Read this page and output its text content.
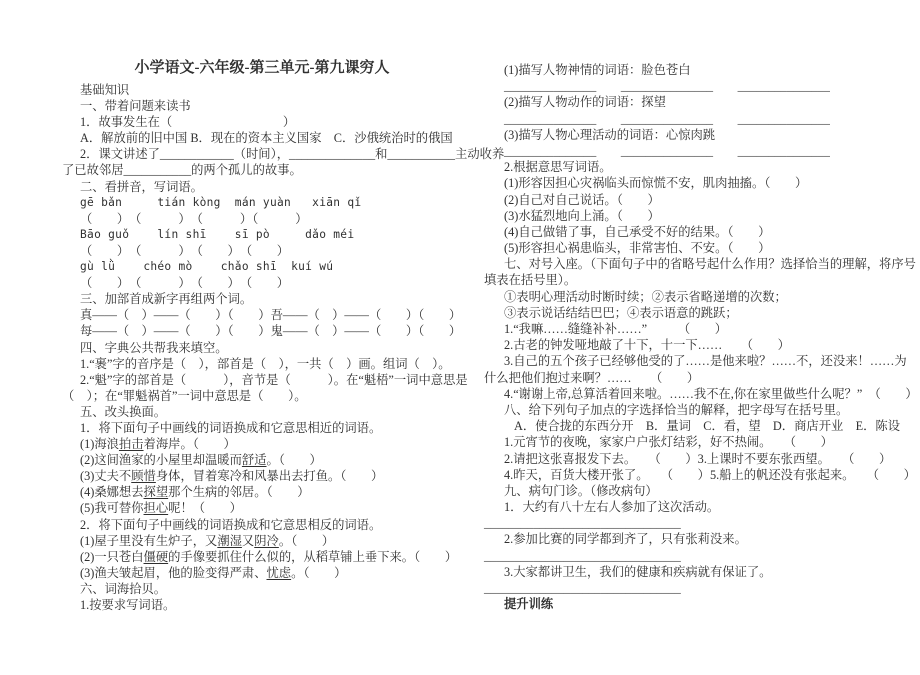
小学语文-六年级-第三单元-第九课穷人
基础知识
一、带着问题来读书
1．故事发生在（　　　　　　　　　）
A．解放前的旧中国 B．现在的资本主义国家　C．沙俄统治时的俄国
2．课文讲述了____________（时间），______________和___________主动收养
了已故邻居___________的两个孤儿的故事。
二、看拼音，写词语。
gē bǎn     tián kòng  mán yuàn   xiān qǐ
（　　）　（　　　）　（　　　）（　　　）
Bāo guǒ    lín shī    sī pò     dǎo méi
（　　）　（　　　）　（　　）　（　　）
gù lǜ    chéo mò    chǎo shī  kuí wú
（　　）　（　　　）　（　　）　（　　）
三、加部首成新字再组两个词。
真——（　）——（　　）（　　）吾——（　）——（　　）（　　）
每——（　）——（　　）（　　）鬼——（　）——（　　）（　　）
四、字典公共帮我来填空。
1.“裹”字的音序是（　），部首是（　），一共（　）画。组词（　）。
2.“魁”字的部首是（　　　），音节是（　　　）。在“魁梧”一词中意思是
（　）；在“罪魁祸首”一词中意思是（　　）。
五、改头换面。
1．将下面句子中画线的词语换成和它意思相近的词语。
(1)海浪拍击着海岸。（　　）
(2)这间渔家的小屋里却温暖而舒适。（　　）
(3)丈夫不顾惜身体，冒着寒冷和风暴出去打鱼。（　　）
(4)桑娜想去探望那个生病的邻居。（　　）
(5)我可替你担心呢！（　　）
2．将下面句子中画线的词语换成和它意思相反的词语。
(1)屋子里没有生炉子，又潮湿又阴冷。（　　）
(2)一只苍白僵硬的手像要抓住什么似的，从稻草铺上垂下来。（　　）
(3)渔夫皱起眉，他的脸变得严肃、忧虑。（　　）
六、词海拾贝。
1.按要求写词语。
(1)描写人物神情的词语：脸色苍白
_______________　　_______________　　_______________
(2)描写人物动作的词语：探望
_______________　　_______________　　_______________
(3)描写人物心理活动的词语：心惊肉跳
_______________　　_______________　　_______________
2.根据意思写词语。
(1)形容因担心灾祸临头而惊慌不安，肌肉抽搐。（　　）
(2)自己对自己说话。（　　）
(3)水猛烈地向上涌。（　　）
(4)自己做错了事，自己承受不好的结果。（　　）
(5)形容担心祸患临头，非常害怕、不安。（　　）
七、对号入座。（下面句子中的省略号起什么作用？选择恰当的理解，将序号
填表在括号里）。
①表明心理活动时断时续；②表示省略递增的次数；
③表示说话结结巴巴；④表示语意的跳跃；
1.“我嘛……缝缝补补……”　　　（　　）
2.古老的钟发哑地敲了十下，十一下……　　（　　）
3.自己的五个孩子已经够他受的了……是他来啦？……不，还没来！……为
什么把他们抱过来啊？……　　（　　）
4.“谢谢上帝,总算活着回来啦。……我不在,你在家里做些什么呢？”　（　　）
八、给下列句子加点的字选择恰当的解释，把字母写在括号里。
A．使合拢的东西分开　B．量词　C．看，望　D．商店开业　E．陈设
1.元宵节的夜晚，家家户户张灯结彩，好不热闹。　　（　　）
2.请把这张喜报发下去。　　（　　）3.上课时不要东张西望。　　（　　）
4.昨天，百货大楼开张了。　　（　　）5.船上的帆还没有张起来。　　（　　）
九、病句门诊。（修改病句）
1．大约有八十左右人参加了这次活动。
________________________________
2.参加比赛的同学都到齐了，只有张莉没来。
________________________________
3.大家都讲卫生，我们的健康和疾病就有保证了。
________________________________
提升训练
